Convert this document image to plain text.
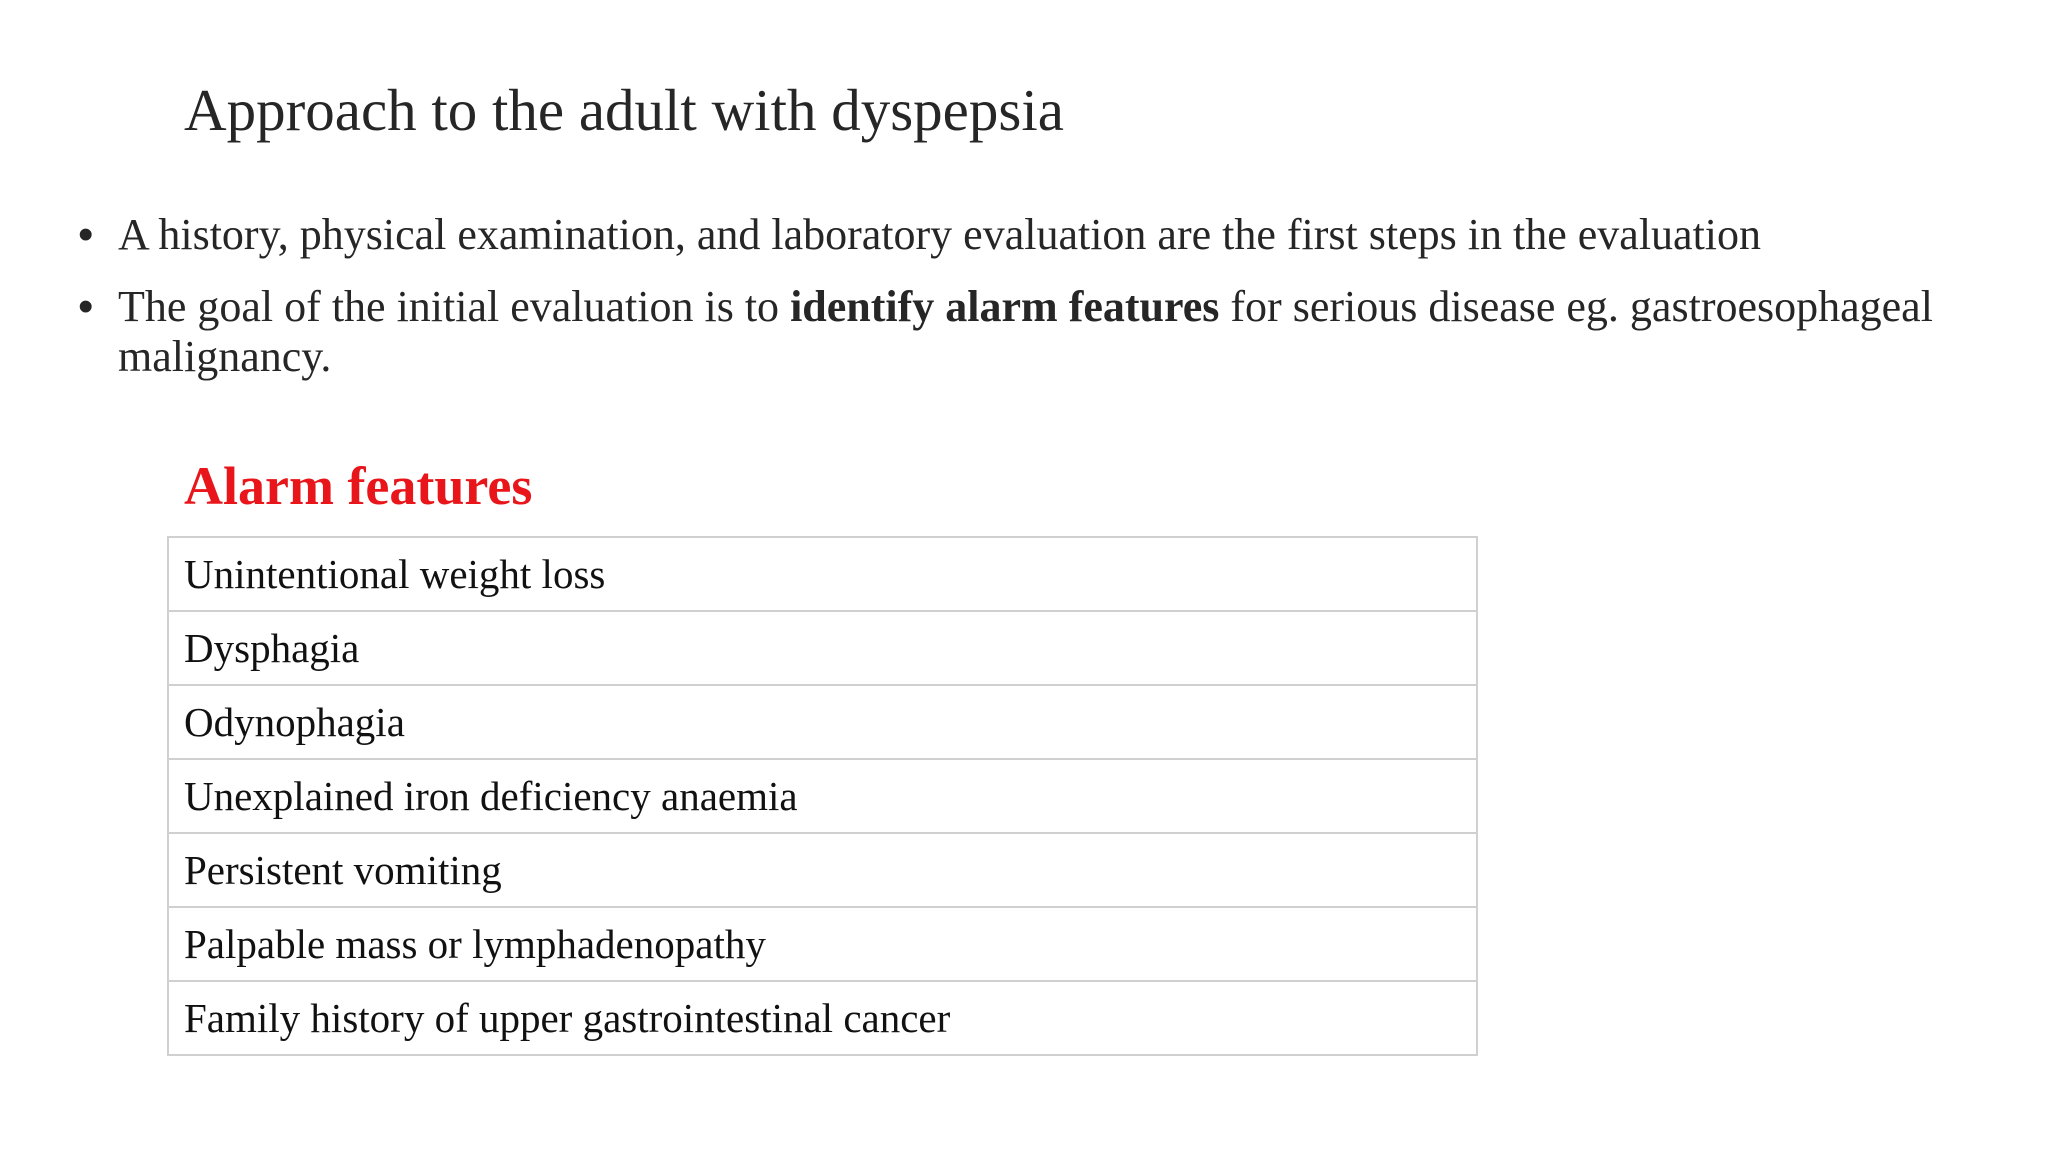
Approach to the adult with dyspepsia
• A history, physical examination, and laboratory evaluation are the first steps in the evaluation
• The goal of the initial evaluation is to identify alarm features for serious disease eg. gastroesophageal malignancy.
Alarm features
Unintentional weight loss
Dysphagia
Odynophagia
Unexplained iron deficiency anaemia
Persistent vomiting
Palpable mass or lymphadenopathy
Family history of upper gastrointestinal cancer
